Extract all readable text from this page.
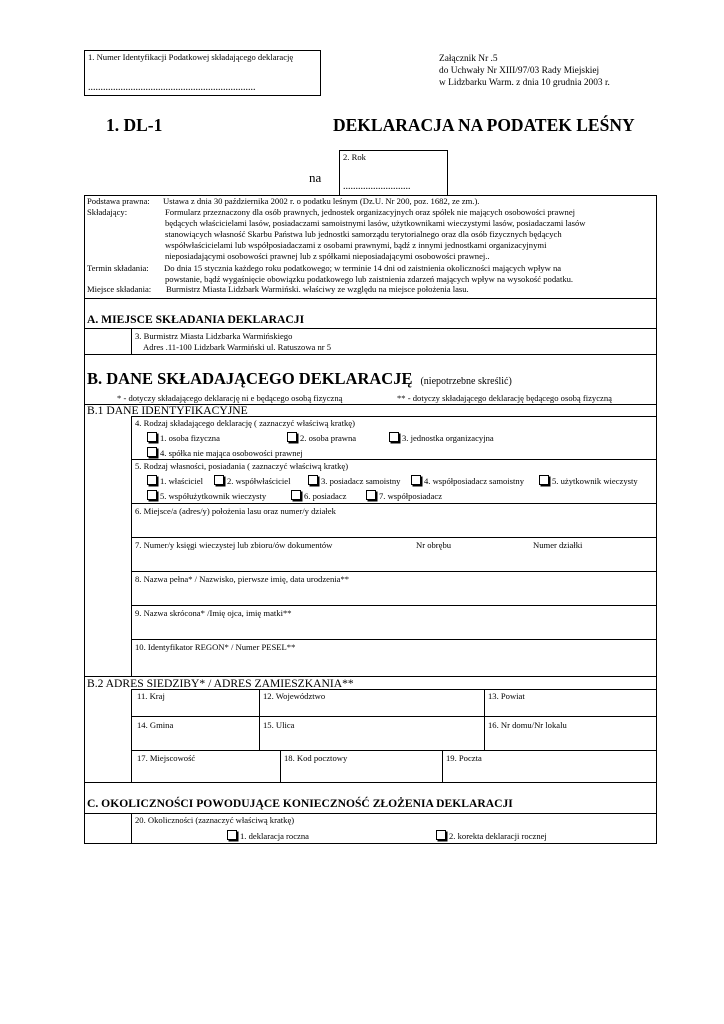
1. Numer Identyfikacji Podatkowej składającego deklarację
...................................................................
Załącznik Nr .5
do Uchwały Nr XIII/97/03 Rady Miejskiej
w Lidzbarku Warm. z dnia 10 grudnia 2003 r.
1. DL-1	DEKLARACJA NA PODATEK LEŚNY
na
2. Rok
...........................
Podstawa prawna: Ustawa z dnia 30 października 2002 r. o podatku leśnym (Dz.U. Nr 200, poz. 1682, ze zm.).
Składający:	Formularz przeznaczony dla osób prawnych, jednostek organizacyjnych oraz spółek nie mających osobowości prawnej
będących właścicielami lasów, posiadaczami samoistnymi lasów, użytkownikami wieczystymi lasów, posiadaczami lasów
stanowiących własność Skarbu Państwa lub jednostki samorządu terytorialnego oraz dla osób fizycznych będących
współwłaścicielami lub współposiadaczami z osobami prawnymi, bądź z innymi jednostkami organizacyjnymi
nieposiadającymi osobowości prawnej lub z spółkami nieposiadającymi osobowości prawnej..
Termin składania: Do dnia 15 stycznia każdego roku podatkowego; w terminie 14 dni od zaistnienia okoliczności mających wpływ na
powstanie, bądź wygaśnięcie obowiązku podatkowego lub zaistnienia zdarzeń mających wpływ na wysokość podatku.
Miejsce składania: Burmistrz Miasta Lidzbark Warmiński. właściwy ze względu na miejsce położenia lasu.
A. MIEJSCE SKŁADANIA DEKLARACJI
3. Burmistrz Miasta Lidzbarka Warmińskiego
Adres .11-100 Lidzbark Warmiński ul. Ratuszowa nr 5
B. DANE SKŁADAJĄCEGO DEKLARACJĘ (niepotrzebne skreślić)
* - dotyczy składającego deklarację ni e będącego osobą fizyczną	** - dotyczy składającego deklarację będącego osobą fizyczną
B.1 DANE IDENTYFIKACYJNE
4. Rodzaj składającego deklarację ( zaznaczyć właściwą kratkę)
1. osoba fizyczna	2. osoba prawna	3. jednostka organizacyjna
4. spółka nie mająca osobowości prawnej
5. Rodzaj własności, posiadania ( zaznaczyć właściwą kratkę)
1. właściciel	2. współwłaściciel	3. posiadacz samoistny	4. współposiadacz samoistny	5. użytkownik wieczysty
5. współużytkownik wieczysty	6. posiadacz	7. współposiadacz
6. Miejsce/a (adres/y) położenia lasu oraz numer/y działek
7. Numer/y księgi wieczystej lub zbioru/ów dokumentów	Nr obrębu	Numer działki
8. Nazwa pełna* / Nazwisko, pierwsze imię, data urodzenia**
9. Nazwa skrócona* /Imię ojca, imię matki**
10. Identyfikator REGON* / Numer PESEL**
B.2 ADRES SIEDZIBY* / ADRES ZAMIESZKANIA**
11. Kraj	12. Województwo	13. Powiat
14. Gmina	15. Ulica	16. Nr domu/Nr lokalu
17. Miejscowość	18. Kod pocztowy	19. Poczta
C. OKOLICZNOŚCI POWODUJĄCE KONIECZNOŚĆ ZŁOŻENIA DEKLARACJI
20. Okoliczności (zaznaczyć właściwą kratkę)
1. deklaracja roczna	2. korekta deklaracji rocznej
